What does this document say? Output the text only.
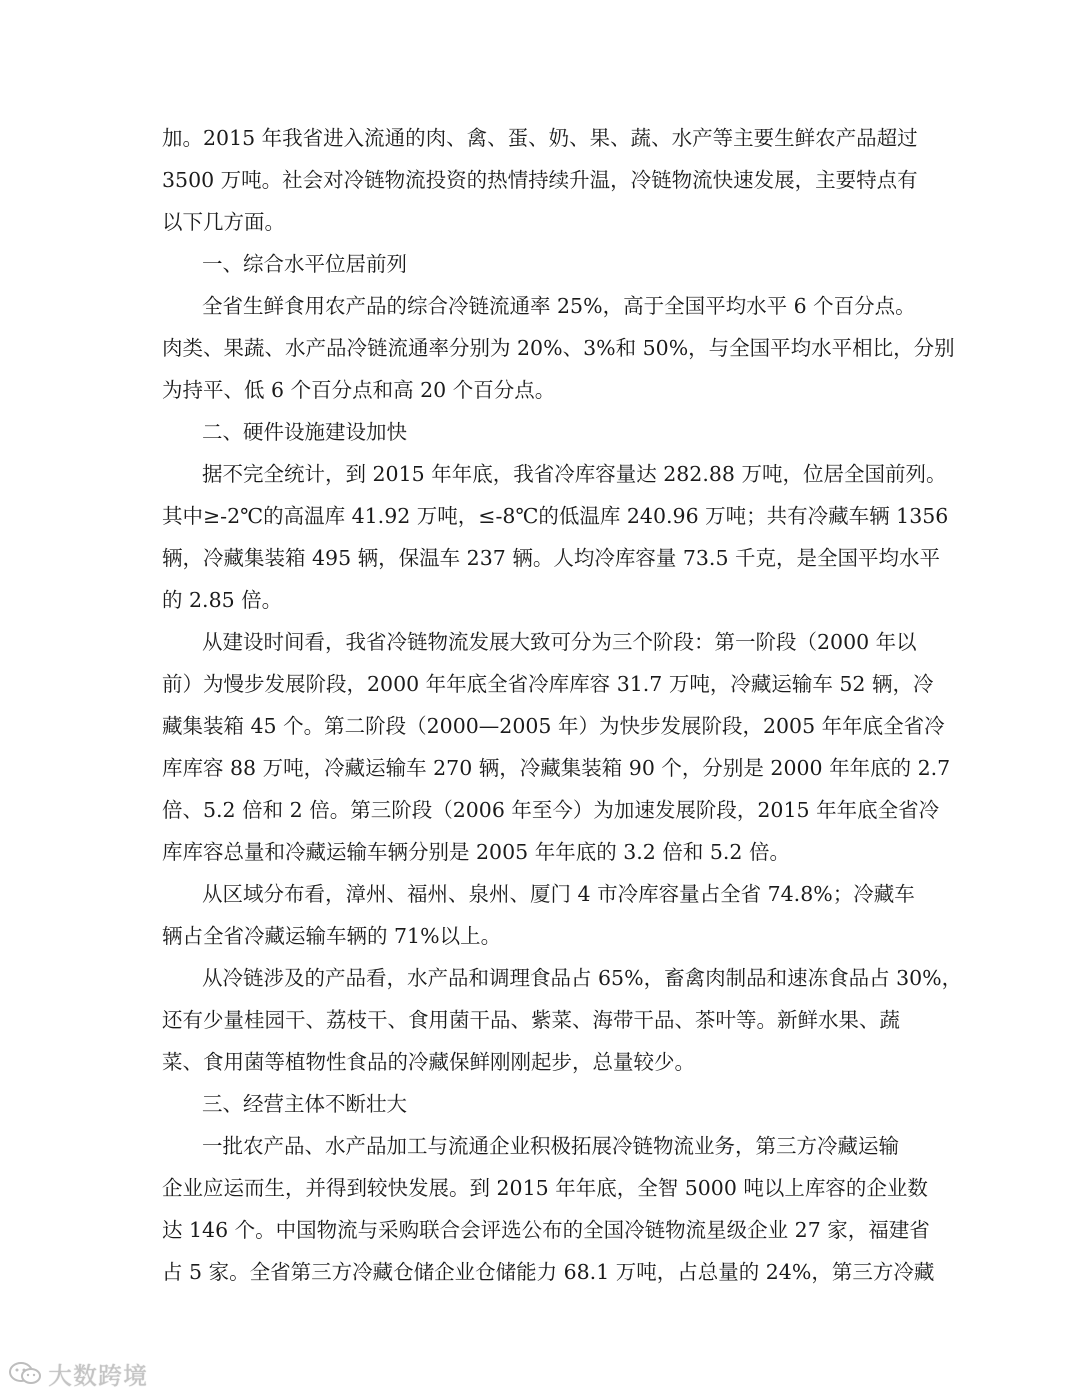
加。2015 年我省进入流通的肉、禽、蛋、奶、果、蔬、水产等主要生鲜农产品超过
3500 万吨。社会对冷链物流投资的热情持续升温，冷链物流快速发展，主要特点有
以下几方面。
一、综合水平位居前列
全省生鲜食用农产品的综合冷链流通率 25%，高于全国平均水平 6 个百分点。
肉类、果蔬、水产品冷链流通率分别为 20%、3%和 50%，与全国平均水平相比，分别
为持平、低 6 个百分点和高 20 个百分点。
二、硬件设施建设加快
据不完全统计，到 2015 年年底，我省冷库容量达 282.88 万吨，位居全国前列。
其中≥-2℃的高温库 41.92 万吨，≤-8℃的低温库 240.96 万吨；共有冷藏车辆 1356
辆，冷藏集装箱 495 辆，保温车 237 辆。人均冷库容量 73.5 千克，是全国平均水平
的 2.85 倍。
从建设时间看，我省冷链物流发展大致可分为三个阶段：第一阶段（2000 年以
前）为慢步发展阶段，2000 年年底全省冷库库容 31.7 万吨，冷藏运输车 52 辆，冷
藏集装箱 45 个。第二阶段（2000—2005 年）为快步发展阶段，2005 年年底全省冷
库库容 88 万吨，冷藏运输车 270 辆，冷藏集装箱 90 个，分别是 2000 年年底的 2.7
倍、5.2 倍和 2 倍。第三阶段（2006 年至今）为加速发展阶段，2015 年年底全省冷
库库容总量和冷藏运输车辆分别是 2005 年年底的 3.2 倍和 5.2 倍。
从区域分布看，漳州、福州、泉州、厦门 4 市冷库容量占全省 74.8%；冷藏车
辆占全省冷藏运输车辆的 71%以上。
从冷链涉及的产品看，水产品和调理食品占 65%，畜禽肉制品和速冻食品占 30%，
还有少量桂园干、荔枝干、食用菌干品、紫菜、海带干品、茶叶等。新鲜水果、蔬
菜、食用菌等植物性食品的冷藏保鲜刚刚起步，总量较少。
三、经营主体不断壮大
一批农产品、水产品加工与流通企业积极拓展冷链物流业务，第三方冷藏运输
企业应运而生，并得到较快发展。到 2015 年年底，全智 5000 吨以上库容的企业数
达 146 个。中国物流与采购联合会评选公布的全国冷链物流星级企业 27 家，福建省
占 5 家。全省第三方冷藏仓储企业仓储能力 68.1 万吨，占总量的 24%，第三方冷藏
大数跨境
